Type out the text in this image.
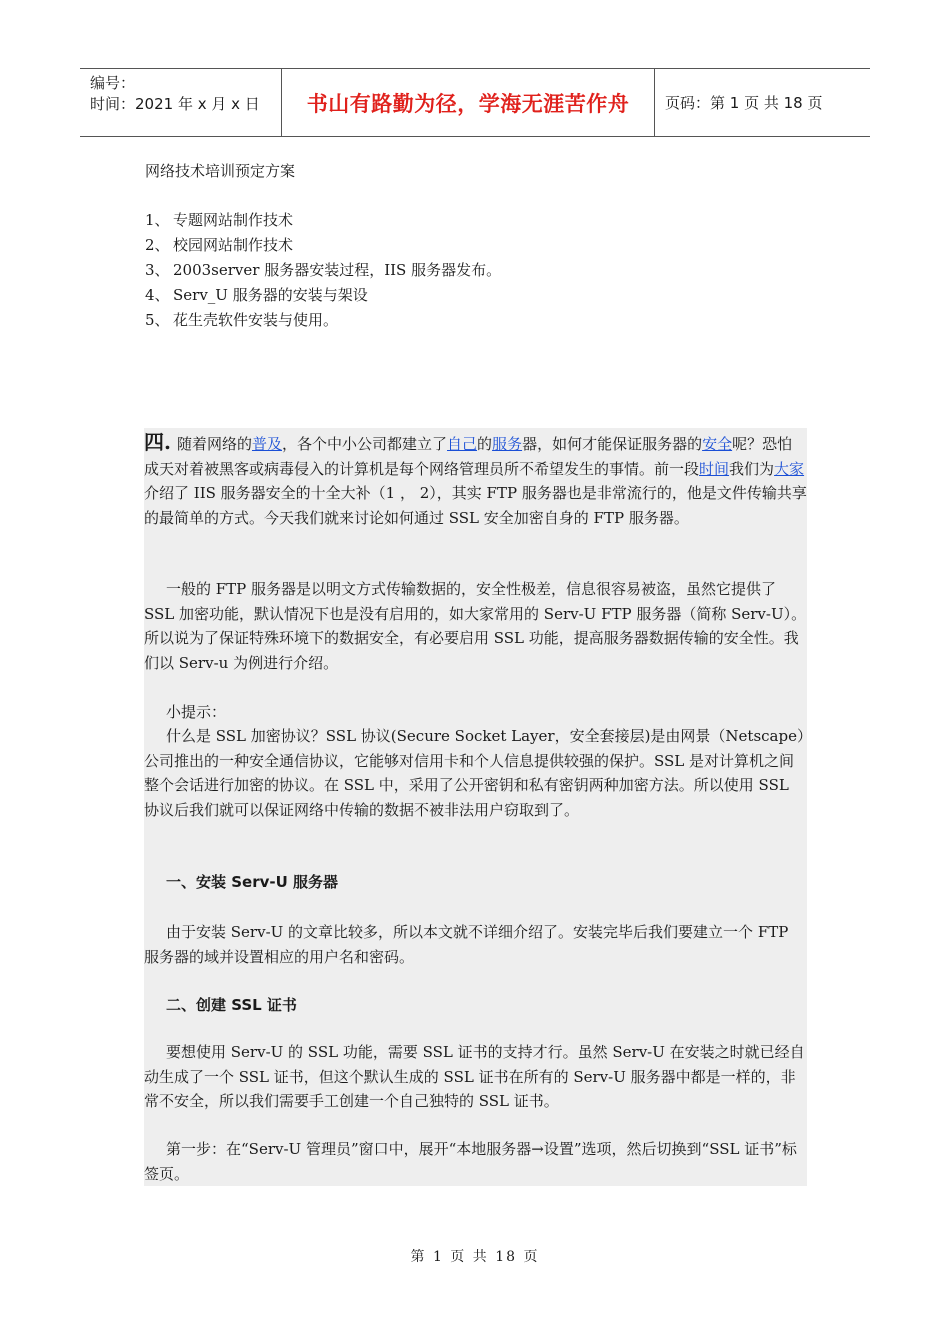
编号：
时间：2021 年 x 月 x 日	书山有路勤为径，学海无涯苦作舟	页码：第 1 页 共 18 页
网络技术培训预定方案
1、 专题网站制作技术
2、 校园网站制作技术
3、 2003server 服务器安装过程，IIS 服务器发布。
4、 Serv_U 服务器的安装与架设
5、 花生壳软件安装与使用。

四. 随着网络的普及，各个中小公司都建立了自己的服务器，如何才能保证服务器的安全呢？恐怕成天对着被黑客或病毒侵入的计算机是每个网络管理员所不希望发生的事情。前一段时间我们为大家介绍了 IIS 服务器安全的十全大补（1 ， 2），其实 FTP 服务器也是非常流行的，他是文件传输共享的最简单的方式。今天我们就来讨论如何通过 SSL 安全加密自身的 FTP 服务器。

一般的 FTP 服务器是以明文方式传输数据的，安全性极差，信息很容易被盗，虽然它提供了 SSL 加密功能，默认情况下也是没有启用的，如大家常用的 Serv-U FTP 服务器（简称 Serv-U）。所以说为了保证特殊环境下的数据安全，有必要启用 SSL 功能，提高服务器数据传输的安全性。我们以 Serv-u 为例进行介绍。

小提示：

什么是 SSL 加密协议？SSL 协议(Secure Socket Layer，安全套接层)是由网景（Netscape）公司推出的一种安全通信协议，它能够对信用卡和个人信息提供较强的保护。SSL 是对计算机之间整个会话进行加密的协议。在 SSL 中，采用了公开密钥和私有密钥两种加密方法。所以使用 SSL 协议后我们就可以保证网络中传输的数据不被非法用户窃取到了。

一、安装 Serv-U 服务器

由于安装 Serv-U 的文章比较多，所以本文就不详细介绍了。安装完毕后我们要建立一个 FTP 服务器的域并设置相应的用户名和密码。

二、创建 SSL 证书

要想使用 Serv-U 的 SSL 功能，需要 SSL 证书的支持才行。虽然 Serv-U 在安装之时就已经自动生成了一个 SSL 证书，但这个默认生成的 SSL 证书在所有的 Serv-U 服务器中都是一样的，非常不安全，所以我们需要手工创建一个自己独特的 SSL 证书。

第一步：在“Serv-U 管理员”窗口中，展开“本地服务器→设置”选项，然后切换到“SSL 证书”标签页。

第 1 页 共 18 页
